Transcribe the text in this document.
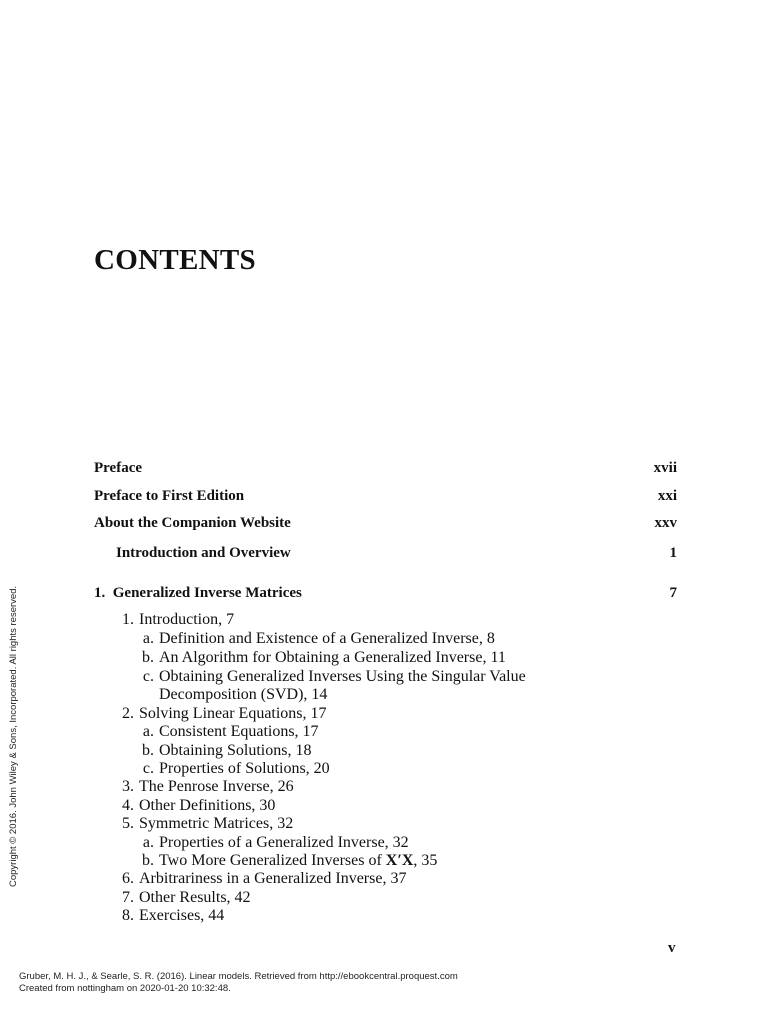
CONTENTS
Preface	xvii
Preface to First Edition	xxi
About the Companion Website	xxv
Introduction and Overview	1
1. Generalized Inverse Matrices	7
1. Introduction, 7
a. Definition and Existence of a Generalized Inverse, 8
b. An Algorithm for Obtaining a Generalized Inverse, 11
c. Obtaining Generalized Inverses Using the Singular Value
Decomposition (SVD), 14
2. Solving Linear Equations, 17
a. Consistent Equations, 17
b. Obtaining Solutions, 18
c. Properties of Solutions, 20
3. The Penrose Inverse, 26
4. Other Definitions, 30
5. Symmetric Matrices, 32
a. Properties of a Generalized Inverse, 32
b. Two More Generalized Inverses of X′X, 35
6. Arbitrariness in a Generalized Inverse, 37
7. Other Results, 42
8. Exercises, 44
Copyright © 2016. John Wiley & Sons, Incorporated. All rights reserved.
v
Gruber, M. H. J., & Searle, S. R. (2016). Linear models. Retrieved from http://ebookcentral.proquest.com
Created from nottingham on 2020-01-20 10:32:48.
